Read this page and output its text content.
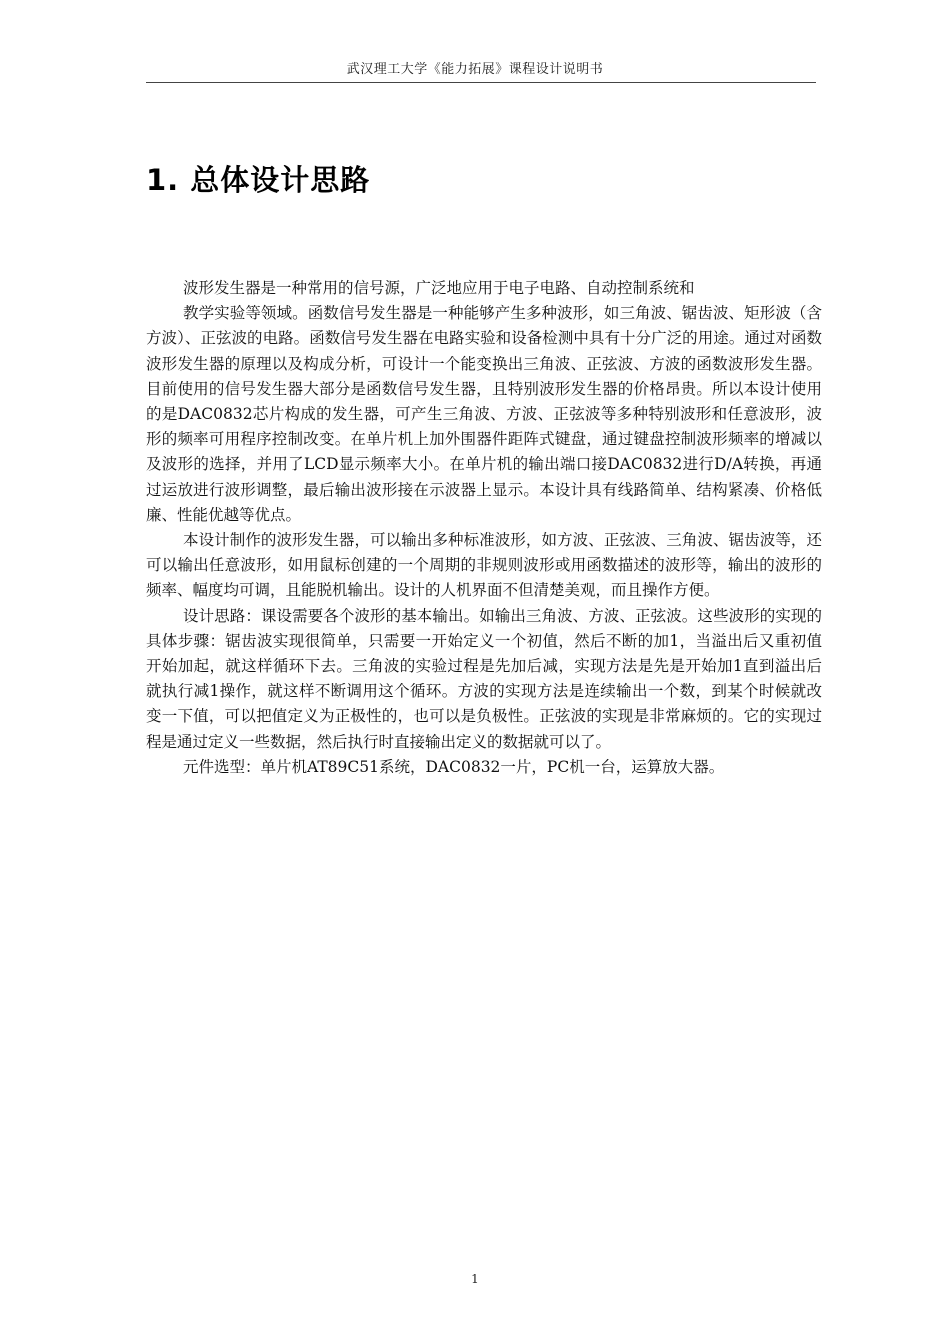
武汉理工大学《能力拓展》课程设计说明书
1. 总体设计思路

波形发生器是一种常用的信号源，广泛地应用于电子电路、自动控制系统和

教学实验等领域。函数信号发生器是一种能够产生多种波形，如三角波、锯齿波、矩形波（含方波）、正弦波的电路。函数信号发生器在电路实验和设备检测中具有十分广泛的用途。通过对函数波形发生器的原理以及构成分析，可设计一个能变换出三角波、正弦波、方波的函数波形发生器。目前使用的信号发生器大部分是函数信号发生器，且特别波形发生器的价格昂贵。所以本设计使用的是DAC0832芯片构成的发生器，可产生三角波、方波、正弦波等多种特别波形和任意波形，波形的频率可用程序控制改变。在单片机上加外围器件距阵式键盘，通过键盘控制波形频率的增减以及波形的选择，并用了LCD显示频率大小。在单片机的输出端口接DAC0832进行D/A转换，再通过运放进行波形调整，最后输出波形接在示波器上显示。本设计具有线路简单、结构紧凑、价格低廉、性能优越等优点。

本设计制作的波形发生器，可以输出多种标准波形，如方波、正弦波、三角波、锯齿波等，还可以输出任意波形，如用鼠标创建的一个周期的非规则波形或用函数描述的波形等，输出的波形的频率、幅度均可调，且能脱机输出。设计的人机界面不但清楚美观，而且操作方便。

设计思路：课设需要各个波形的基本输出。如输出三角波、方波、正弦波。这些波形的实现的具体步骤：锯齿波实现很简单，只需要一开始定义一个初值，然后不断的加1，当溢出后又重初值开始加起，就这样循环下去。三角波的实验过程是先加后减，实现方法是先是开始加1直到溢出后就执行减1操作，就这样不断调用这个循环。方波的实现方法是连续输出一个数，到某个时候就改变一下值，可以把值定义为正极性的，也可以是负极性。正弦波的实现是非常麻烦的。它的实现过程是通过定义一些数据，然后执行时直接输出定义的数据就可以了。

元件选型：单片机AT89C51系统，DAC0832一片，PC机一台，运算放大器。

1
